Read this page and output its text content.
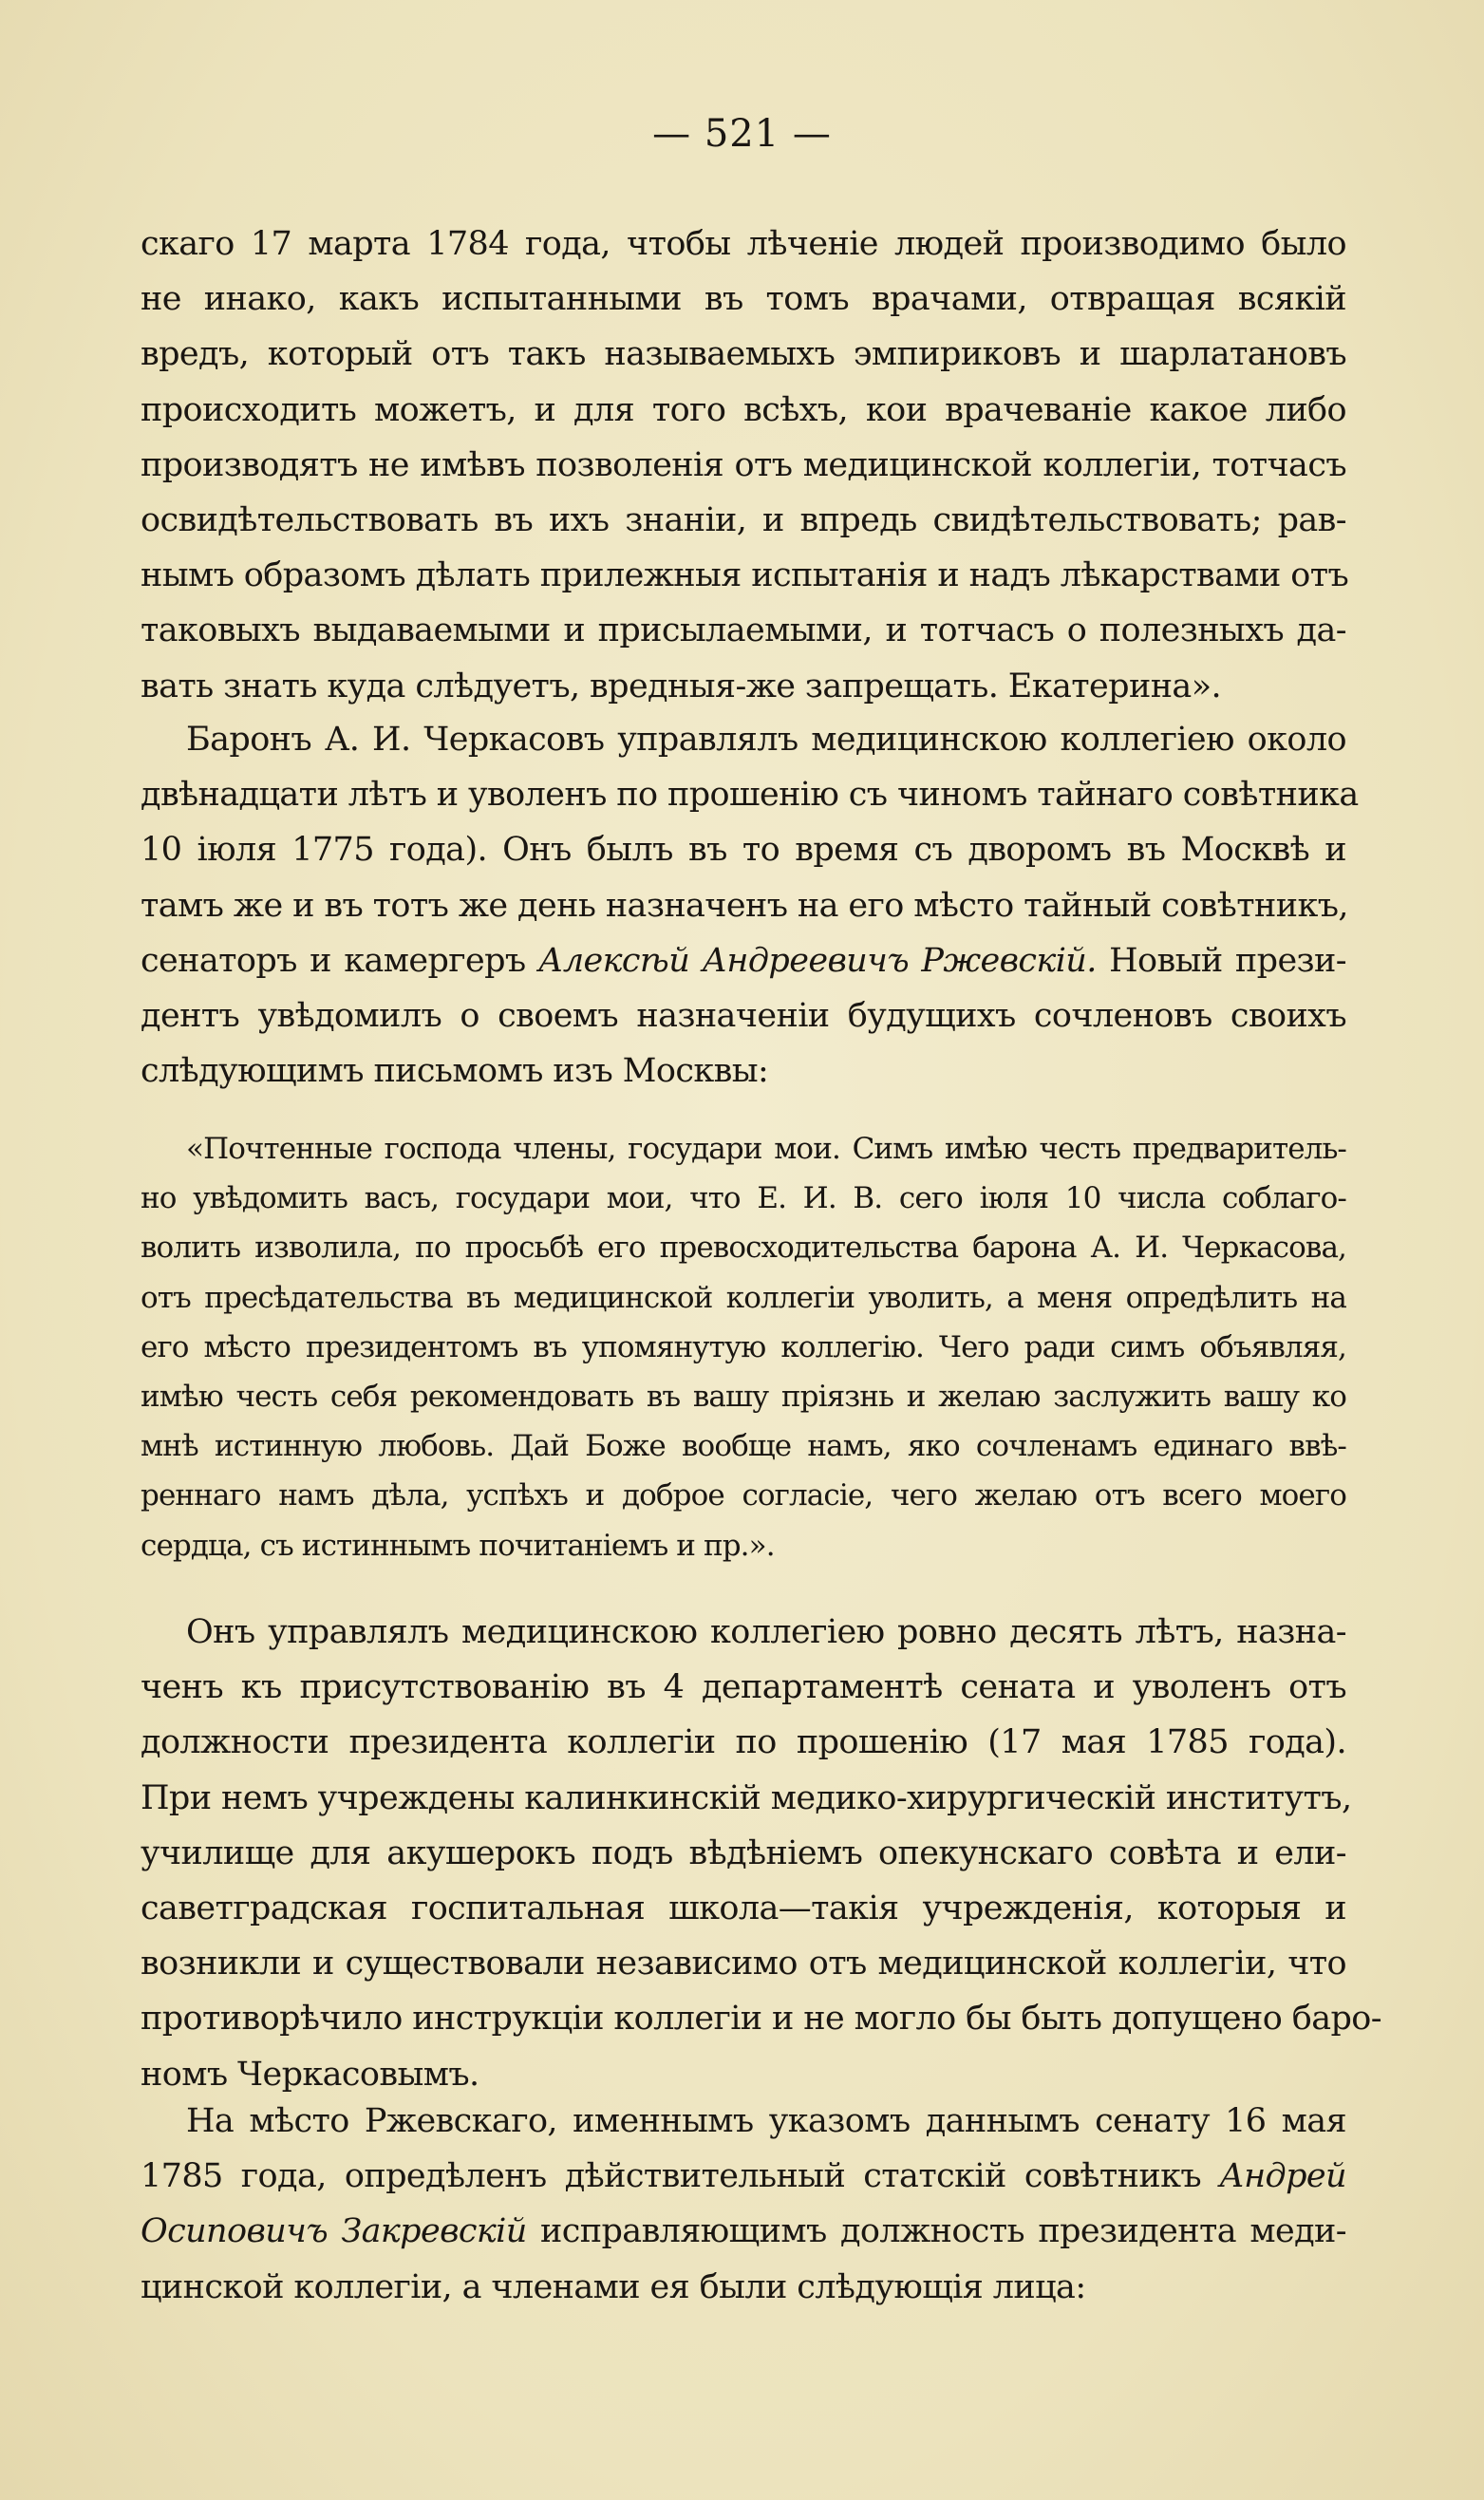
— 521 —
скаго 17 марта 1784 года, чтобы лѣченіе людей производимо было
не инако, какъ испытанными въ томъ врачами, отвращая всякій
вредъ, который отъ такъ называемыхъ эмпириковъ и шарлатановъ
происходить можетъ, и для того всѣхъ, кои врачеваніе какое либо
производятъ не имѣвъ позволенія отъ медицинской коллегіи, тотчасъ
освидѣтельствовать въ ихъ знаніи, и впредь свидѣтельствовать; рав-
нымъ образомъ дѣлать прилежныя испытанія и надъ лѣкарствами отъ
таковыхъ выдаваемыми и присылаемыми, и тотчасъ о полезныхъ да-
вать знать куда слѣдуетъ, вредныя-же запрещать. Екатерина».
Баронъ А. И. Черкасовъ управлялъ медицинскою коллегіею около
двѣнадцати лѣтъ и уволенъ по прошенію съ чиномъ тайнаго совѣтника
10 іюля 1775 года). Онъ былъ въ то время съ дворомъ въ Москвѣ и
тамъ же и въ тотъ же день назначенъ на его мѣсто тайный совѣтникъ,
сенаторъ и камергеръ Алексѣй Андреевичъ Ржевскій. Новый прези-
дентъ увѣдомилъ о своемъ назначеніи будущихъ сочленовъ своихъ
слѣдующимъ письмомъ изъ Москвы:
«Почтенные господа члены, государи мои. Симъ имѣю честь предваритель-
но увѣдомить васъ, государи мои, что Е. И. В. сего іюля 10 числа соблаго-
волить изволила, по просьбѣ его превосходительства барона А. И. Черкасова,
отъ пресѣдательства въ медицинской коллегіи уволить, а меня опредѣлить на
его мѣсто президентомъ въ упомянутую коллегію. Чего ради симъ объявляя,
имѣю честь себя рекомендовать въ вашу пріязнь и желаю заслужить вашу ко
мнѣ истинную любовь. Дай Боже вообще намъ, яко сочленамъ единаго ввѣ-
реннаго намъ дѣла, успѣхъ и доброе согласіе, чего желаю отъ всего моего
сердца, съ истиннымъ почитаніемъ и пр.».
Онъ управлялъ медицинскою коллегіею ровно десять лѣтъ, назна-
ченъ къ присутствованію въ 4 департаментѣ сената и уволенъ отъ
должности президента коллегіи по прошенію (17 мая 1785 года).
При немъ учреждены калинкинскій медико-хирургическій институтъ,
училище для акушерокъ подъ вѣдѣніемъ опекунскаго совѣта и ели-
саветградская госпитальная школа—такія учрежденія, которыя и
возникли и существовали независимо отъ медицинской коллегіи, что
противорѣчило инструкціи коллегіи и не могло бы быть допущено баро-
номъ Черкасовымъ.
На мѣсто Ржевскаго, именнымъ указомъ даннымъ сенату 16 мая
1785 года, опредѣленъ дѣйствительный статскій совѣтникъ Андрей
Осиповичъ Закревскій исправляющимъ должность президента меди-
цинской коллегіи, а членами ея были слѣдующія лица:
